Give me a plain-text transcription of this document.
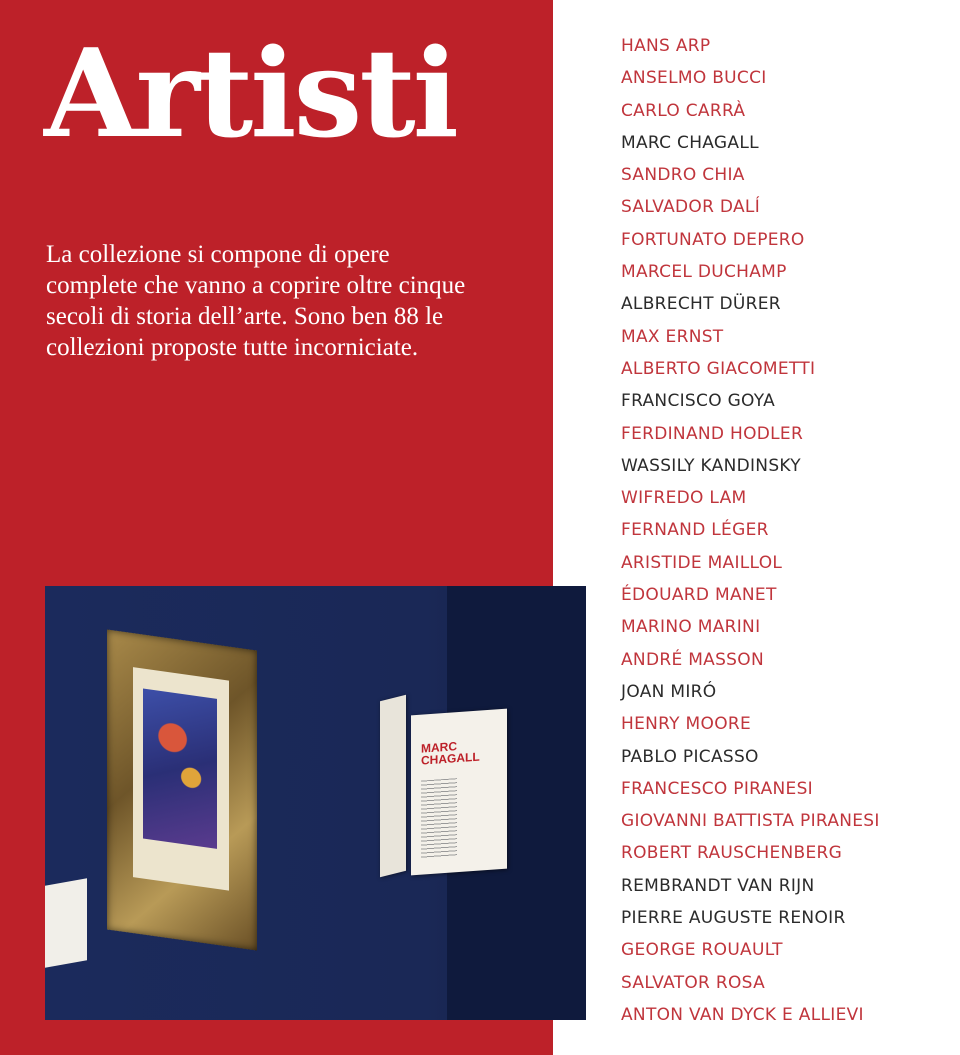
Artisti

La collezione si compone di opere complete che vanno a coprire oltre cinque secoli di storia dell’arte. Sono ben 88 le collezioni proposte tutte incorniciate.

MARC CHAGALL
HANS ARP
ANSELMO BUCCI
CARLO CARRÀ
MARC CHAGALL
SANDRO CHIA
SALVADOR DALÍ
FORTUNATO DEPERO
MARCEL DUCHAMP
ALBRECHT DÜRER
MAX ERNST
ALBERTO GIACOMETTI
FRANCISCO GOYA
FERDINAND HODLER
WASSILY KANDINSKY
WIFREDO LAM
FERNAND LÉGER
ARISTIDE MAILLOL
ÉDOUARD MANET
MARINO MARINI
ANDRÉ MASSON
JOAN MIRÓ
HENRY MOORE
PABLO PICASSO
FRANCESCO PIRANESI
GIOVANNI BATTISTA PIRANESI
ROBERT RAUSCHENBERG
REMBRANDT VAN RIJN
PIERRE AUGUSTE RENOIR
GEORGE ROUAULT
SALVATOR ROSA
ANTON VAN DYCK E ALLIEVI
